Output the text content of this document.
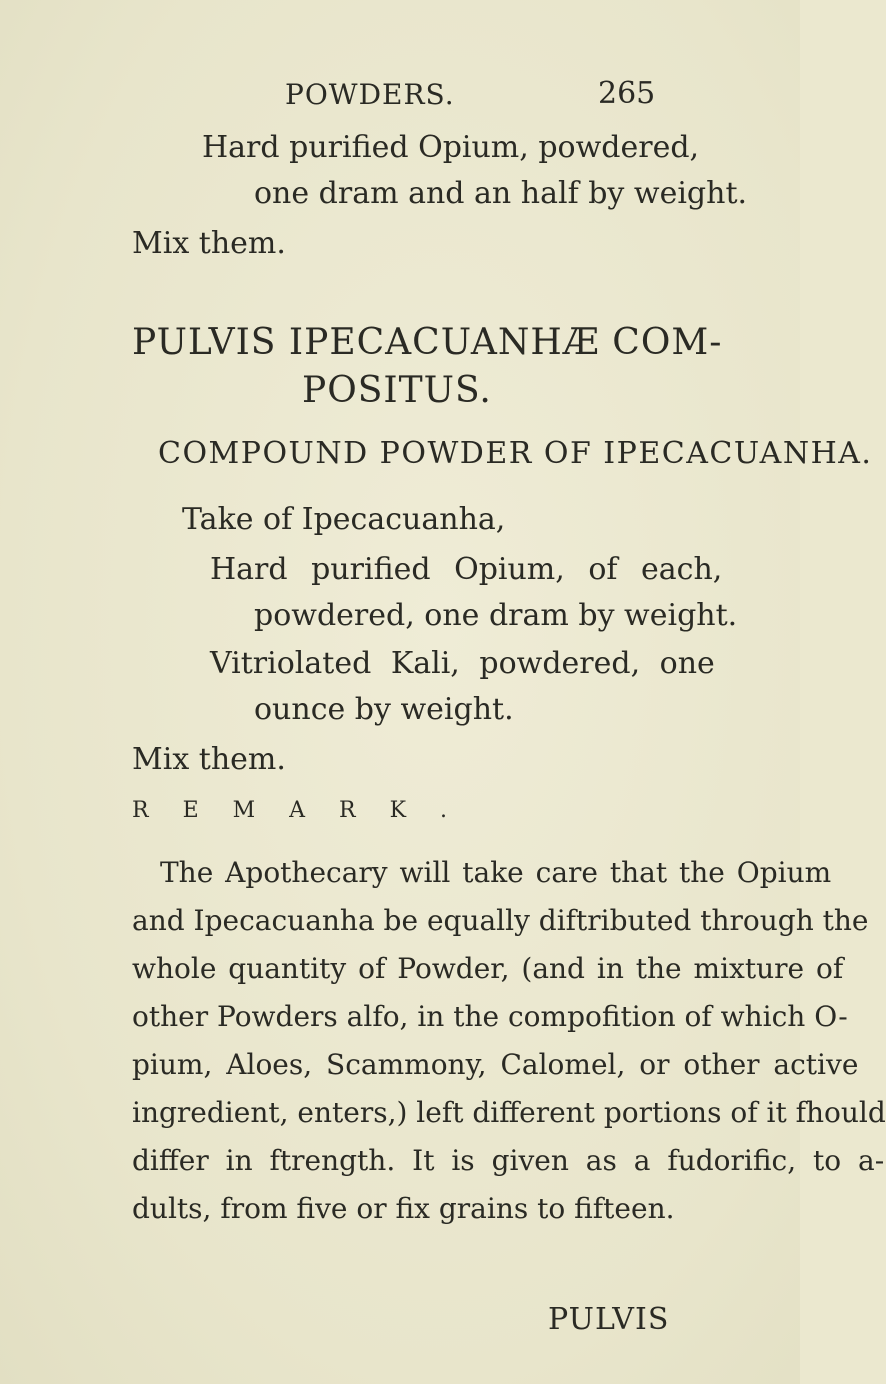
POWDERS.	265
Hard purified Opium, powdered,
one dram and an half by weight.
Mix them.
PULVIS IPECACUANHÆ COM-
POSITUS.
COMPOUND POWDER OF IPECACUANHA.
Take of Ipecacuanha,
Hard purified Opium, of each,
powdered, one dram by weight.
Vitriolated Kali, powdered, one
ounce by weight.
Mix them.
REMARK.
The Apothecary will take care that the Opium
and Ipecacuanha be equally diftributed through the
whole quantity of Powder, (and in the mixture of
other Powders alfo, in the compofition of which O-
pium, Aloes, Scammony, Calomel, or other active
ingredient, enters,) left different portions of it fhould
differ in ftrength. It is given as a fudorific, to a-
dults, from five or fix grains to fifteen.
PULVIS
